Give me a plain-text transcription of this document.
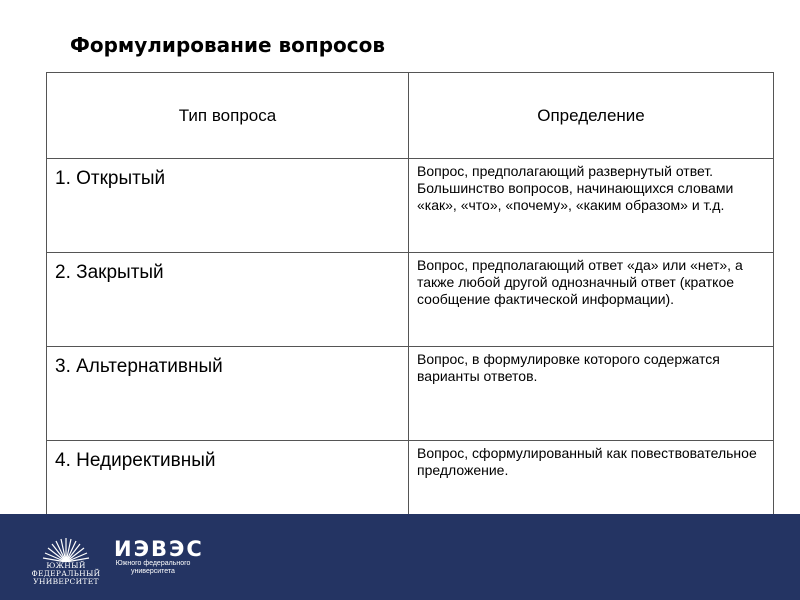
Формулирование вопросов
Тип вопроса	Определение
1. Открытый	Вопрос, предполагающий развернутый ответ. Большинство вопросов, начинающихся словами «как», «что», «почему», «каким образом» и т.д.
2. Закрытый	Вопрос, предполагающий ответ «да» или «нет», а также любой другой однозначный ответ (краткое сообщение фактической информации).
3. Альтернативный	Вопрос, в формулировке которого содержатся варианты ответов.
4. Недирективный	Вопрос, сформулированный как повествовательное предложение.
ЮЖНЫЙ
ФЕДЕРАЛЬНЫЙ
УНИВЕРСИТЕТ
ИЭВЭС
Южного федерального
университета
